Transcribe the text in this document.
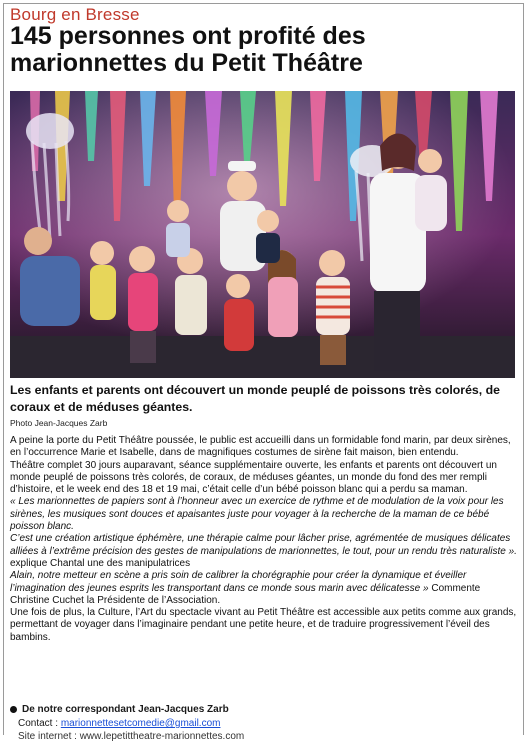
Bourg en Bresse
145 personnes ont profité des marionnettes du Petit Théâtre

Les enfants et parents ont découvert un monde peuplé de poissons très colorés, de coraux et de méduses géantes.

Photo Jean-Jacques Zarb

A peine la porte du Petit Théâtre poussée, le public est accueilli dans un formidable fond marin, par deux sirènes, en l’occurrence Marie et Isabelle, dans de magnifiques costumes de sirène fait maison, bien entendu.

Théâtre complet 30 jours auparavant, séance supplémentaire ouverte, les enfants et parents ont découvert un monde peuplé de poissons très colorés, de coraux, de méduses géantes, un monde du fond des mer rempli d’histoire, et le week end des 18 et 19 mai, c’était celle d’un bébé poisson blanc qui a perdu sa maman.

« Les marionnettes de papiers sont à l’honneur avec un exercice de rythme et de modulation de la voix pour les sirènes, les musiques sont douces et apaisantes juste pour voyager à la recherche de la maman de ce bébé poisson blanc.

C’est une création artistique éphémère, une thérapie calme pour lâcher prise, agrémentée de musiques délicates alliées à l’extrême précision des gestes de manipulations de marionnettes, le tout, pour un rendu très naturaliste ». explique Chantal une des manipulatrices

Alain, notre metteur en scène a pris soin de calibrer la chorégraphie pour créer la dynamique et éveiller l’imagination des jeunes esprits les transportant dans ce monde sous marin avec délicatesse » Commente Christine Cuchet la Présidente de l’Association.

Une fois de plus, la Culture, l’Art du spectacle vivant au Petit Théâtre est accessible aux petits comme aux grands, permettant de voyager dans l’imaginaire pendant une petite heure, et de traduire progressivement l’éveil des bambins.

De notre correspondant Jean-Jacques Zarb
Contact : marionnettesetcomedie@gmail.com
Site internet : www.lepetittheatre-marionnettes.com
